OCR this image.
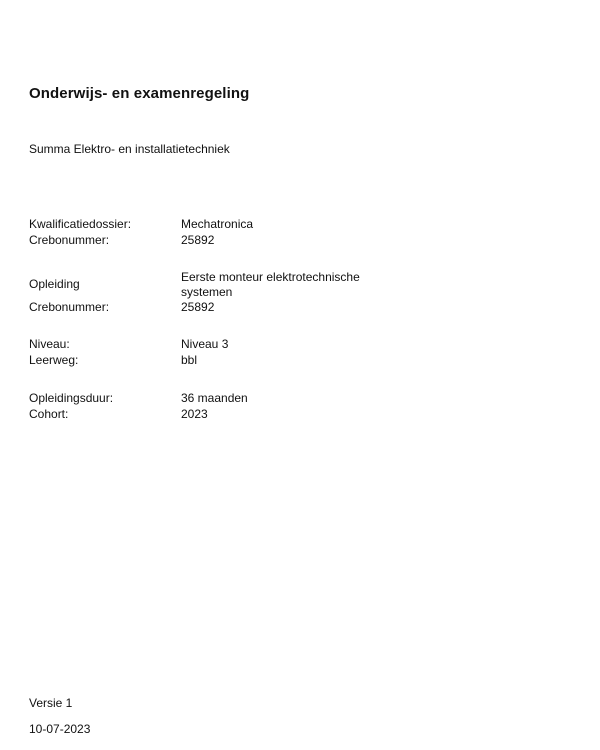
Onderwijs- en examenregeling

Summa Elektro- en installatietechniek

Kwalificatiedossier:	Mechatronica
Crebonummer:	25892
Opleiding	Eerste monteur elektrotechnische systemen
Crebonummer:	25892
Niveau:	Niveau 3
Leerweg:	bbl
Opleidingsduur:	36 maanden
Cohort:	2023

Versie 1

10-07-2023
